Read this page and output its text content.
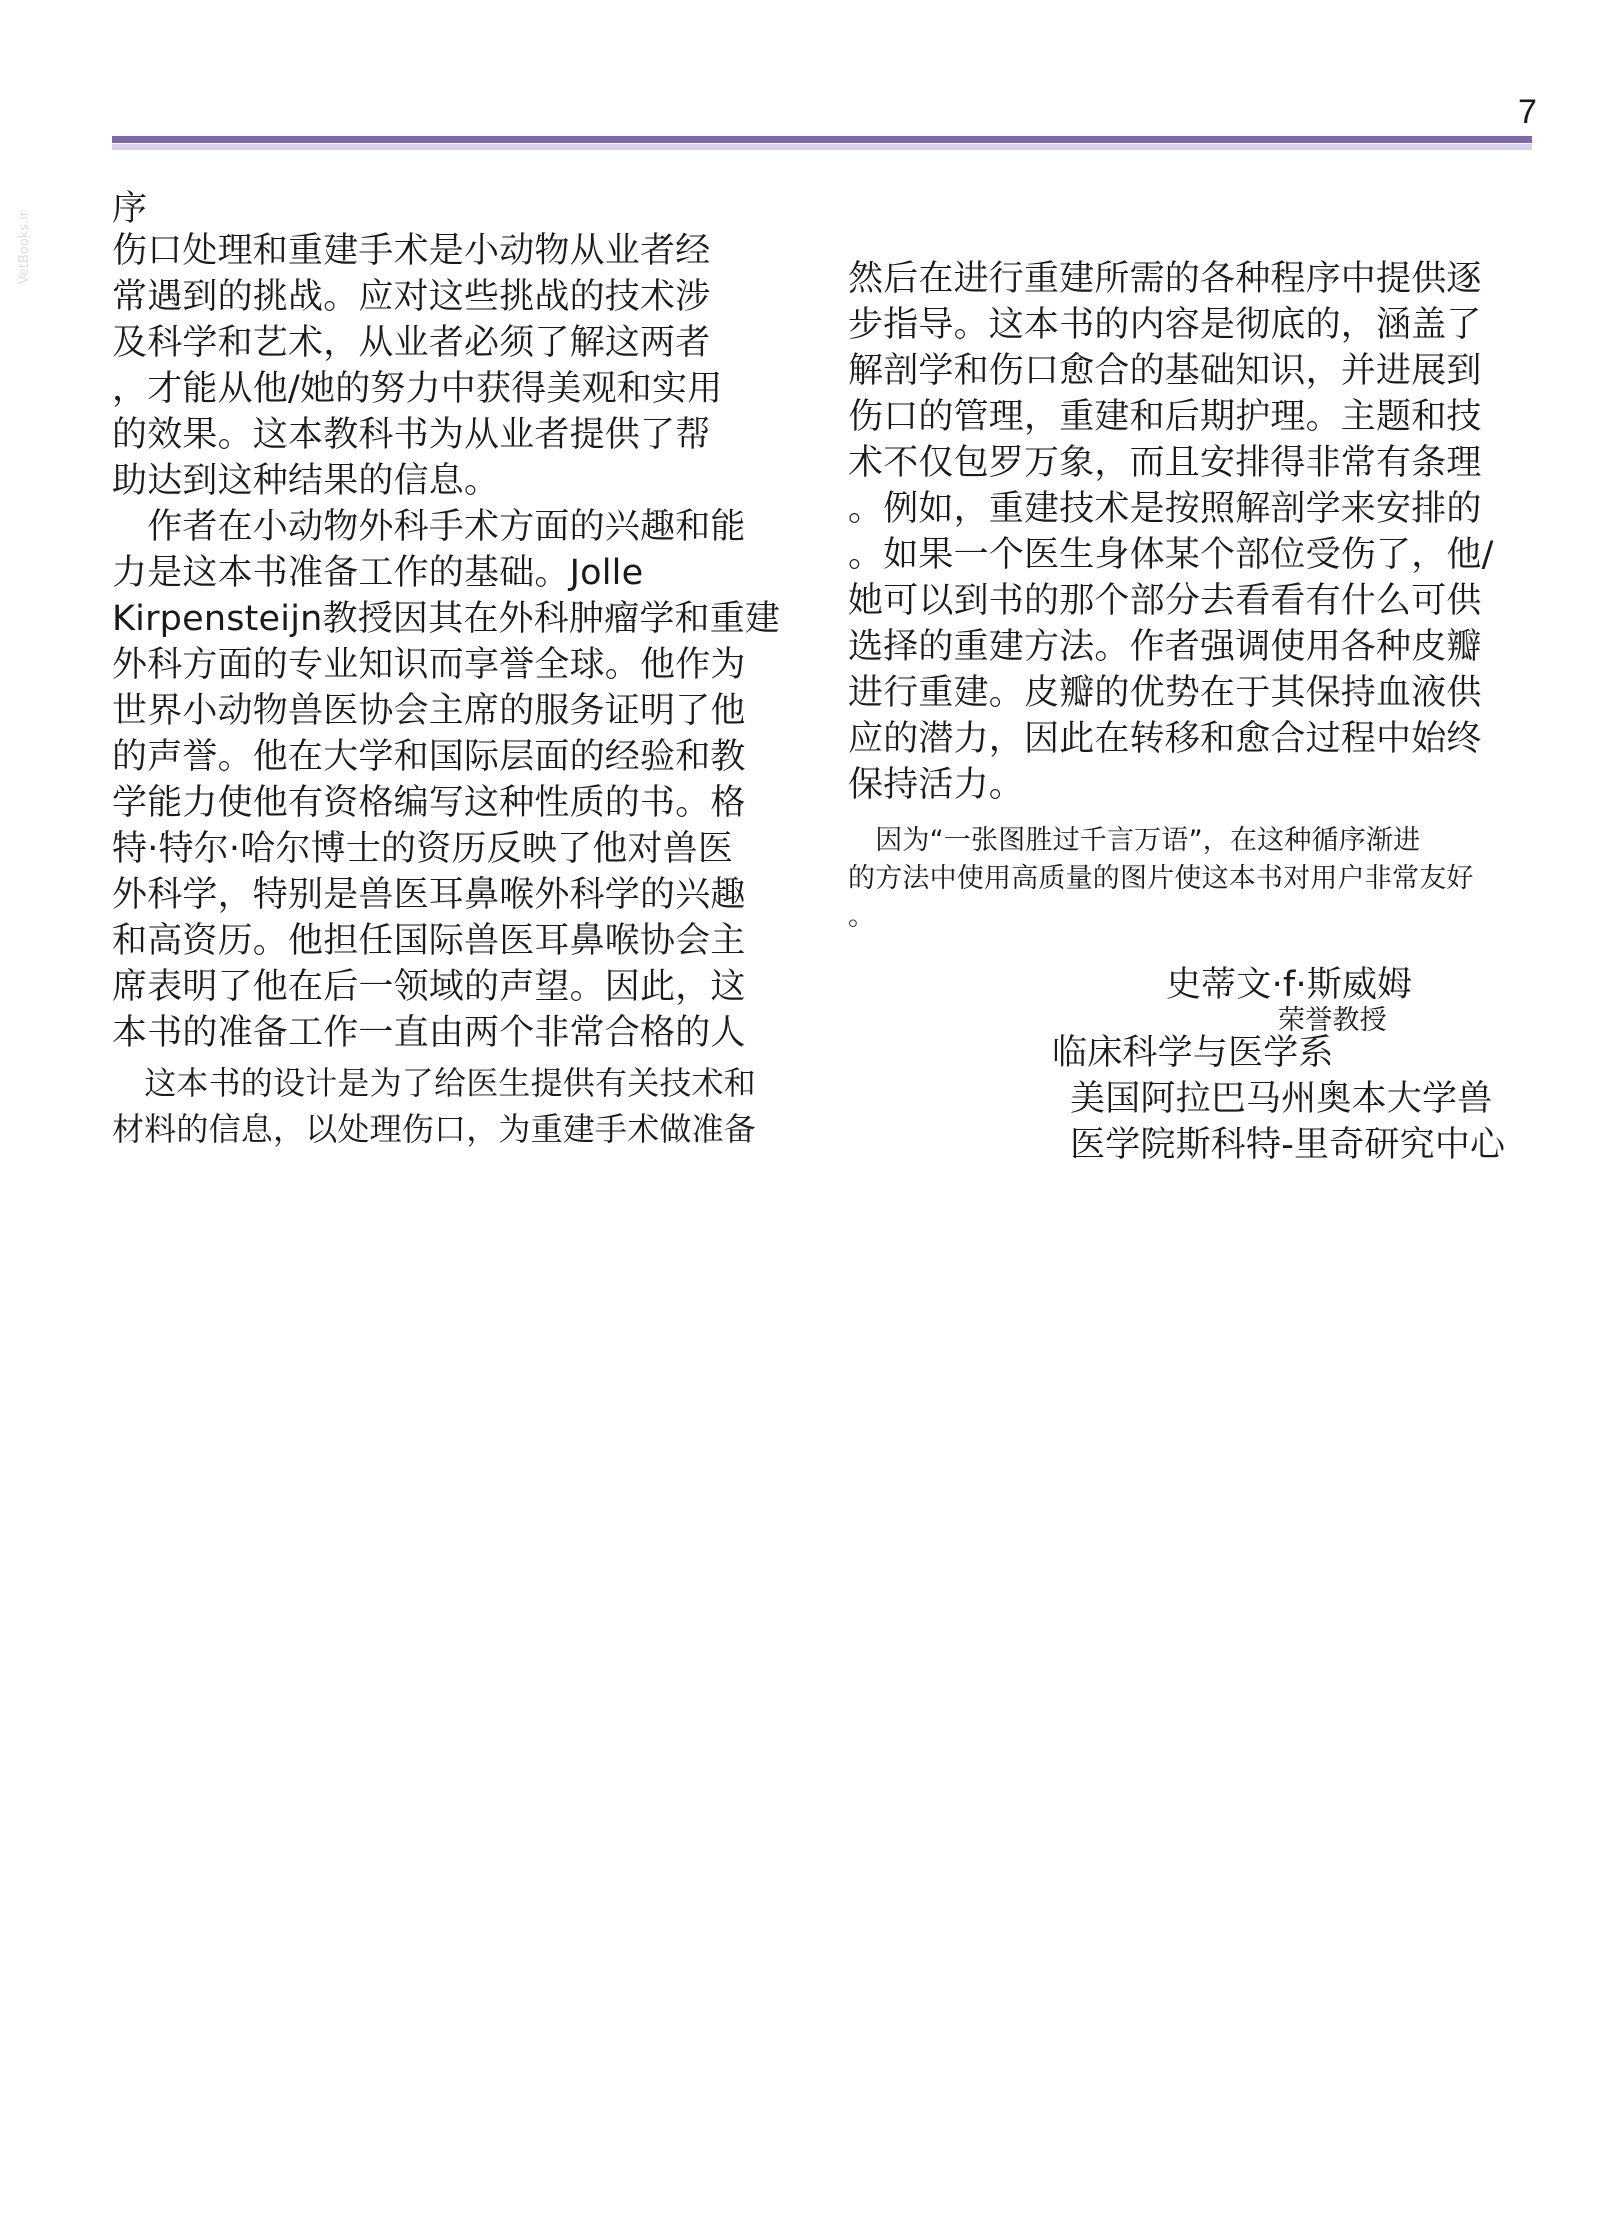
7
VetBooks.ir
序
伤口处理和重建手术是小动物从业者经
常遇到的挑战。应对这些挑战的技术涉
及科学和艺术，从业者必须了解这两者
，才能从他/她的努力中获得美观和实用
的效果。这本教科书为从业者提供了帮
助达到这种结果的信息。
　作者在小动物外科手术方面的兴趣和能
力是这本书准备工作的基础。Jolle
Kirpensteijn教授因其在外科肿瘤学和重建
外科方面的专业知识而享誉全球。他作为
世界小动物兽医协会主席的服务证明了他
的声誉。他在大学和国际层面的经验和教
学能力使他有资格编写这种性质的书。格
特·特尔·哈尔博士的资历反映了他对兽医
外科学，特别是兽医耳鼻喉外科学的兴趣
和高资历。他担任国际兽医耳鼻喉协会主
席表明了他在后一领域的声望。因此，这
本书的准备工作一直由两个非常合格的人
　这本书的设计是为了给医生提供有关技术和
材料的信息，以处理伤口，为重建手术做准备
然后在进行重建所需的各种程序中提供逐
步指导。这本书的内容是彻底的，涵盖了
解剖学和伤口愈合的基础知识，并进展到
伤口的管理，重建和后期护理。主题和技
术不仅包罗万象，而且安排得非常有条理
。例如，重建技术是按照解剖学来安排的
。如果一个医生身体某个部位受伤了，他/
她可以到书的那个部分去看看有什么可供
选择的重建方法。作者强调使用各种皮瓣
进行重建。皮瓣的优势在于其保持血液供
应的潜力，因此在转移和愈合过程中始终
保持活力。
　因为“一张图胜过千言万语”，在这种循序渐进
的方法中使用高质量的图片使这本书对用户非常友好
。
史蒂文·f·斯威姆
荣誉教授
临床科学与医学系
美国阿拉巴马州奥本大学兽
医学院斯科特-里奇研究中心
